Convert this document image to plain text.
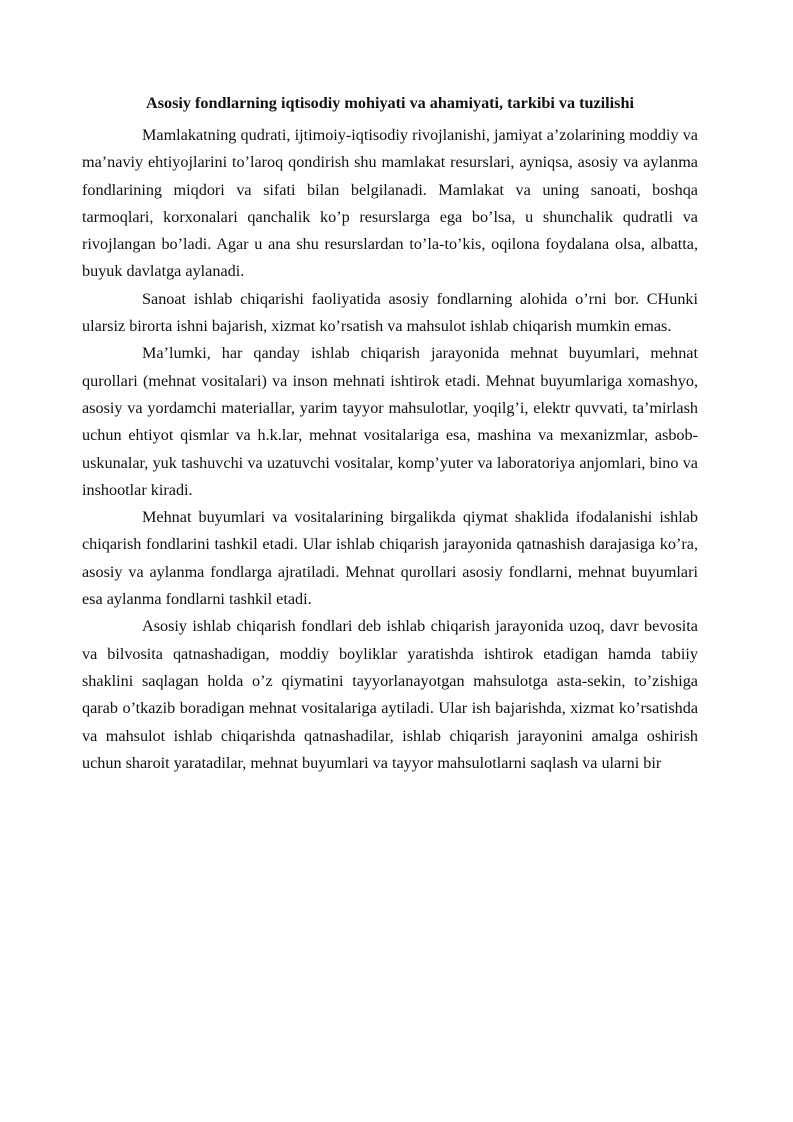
Asosiy fondlarning iqtisodiy mohiyati va ahamiyati, tarkibi va tuzilishi

Mamlakatning qudrati, ijtimoiy-iqtisodiy rivojlanishi, jamiyat a’zolarining moddiy va ma’naviy ehtiyojlarini to’laroq qondirish shu mamlakat resurslari, ayniqsa, asosiy va aylanma fondlarining miqdori va sifati bilan belgilanadi. Mamlakat va uning sanoati, boshqa tarmoqlari, korxonalari qanchalik ko’p resurslarga ega bo’lsa, u shunchalik qudratli va rivojlangan bo’ladi. Agar u ana shu resurslardan to’la-to’kis, oqilona foydalana olsa, albatta, buyuk davlatga aylanadi.

Sanoat ishlab chiqarishi faoliyatida asosiy fondlarning alohida o’rni bor. CHunki ularsiz birorta ishni bajarish, xizmat ko’rsatish va mahsulot ishlab chiqarish mumkin emas.

Ma’lumki, har qanday ishlab chiqarish jarayonida mehnat buyumlari, mehnat qurollari (mehnat vositalari) va inson mehnati ishtirok etadi. Mehnat buyumlariga xomashyo, asosiy va yordamchi materiallar, yarim tayyor mahsulotlar, yoqilg’i, elektr quvvati, ta’mirlash uchun ehtiyot qismlar va h.k.lar, mehnat vositalariga esa, mashina va mexanizmlar, asbob-uskunalar, yuk tashuvchi va uzatuvchi vositalar, komp’yuter va laboratoriya anjomlari, bino va inshootlar kiradi.

Mehnat buyumlari va vositalarining birgalikda qiymat shaklida ifodalanishi ishlab chiqarish fondlarini tashkil etadi. Ular ishlab chiqarish jarayonida qatnashish darajasiga ko’ra, asosiy va aylanma fondlarga ajratiladi. Mehnat qurollari asosiy fondlarni, mehnat buyumlari esa aylanma fondlarni tashkil etadi.

Asosiy ishlab chiqarish fondlari deb ishlab chiqarish jarayonida uzoq, davr bevosita va bilvosita qatnashadigan, moddiy boyliklar yaratishda ishtirok etadigan hamda tabiiy shaklini saqlagan holda o’z qiymatini tayyorlanayotgan mahsulotga asta-sekin, to’zishiga qarab o’tkazib boradigan mehnat vositalariga aytiladi. Ular ish bajarishda, xizmat ko’rsatishda va mahsulot ishlab chiqarishda qatnashadilar, ishlab chiqarish jarayonini amalga oshirish uchun sharoit yaratadilar, mehnat buyumlari va tayyor mahsulotlarni saqlash va ularni bir
